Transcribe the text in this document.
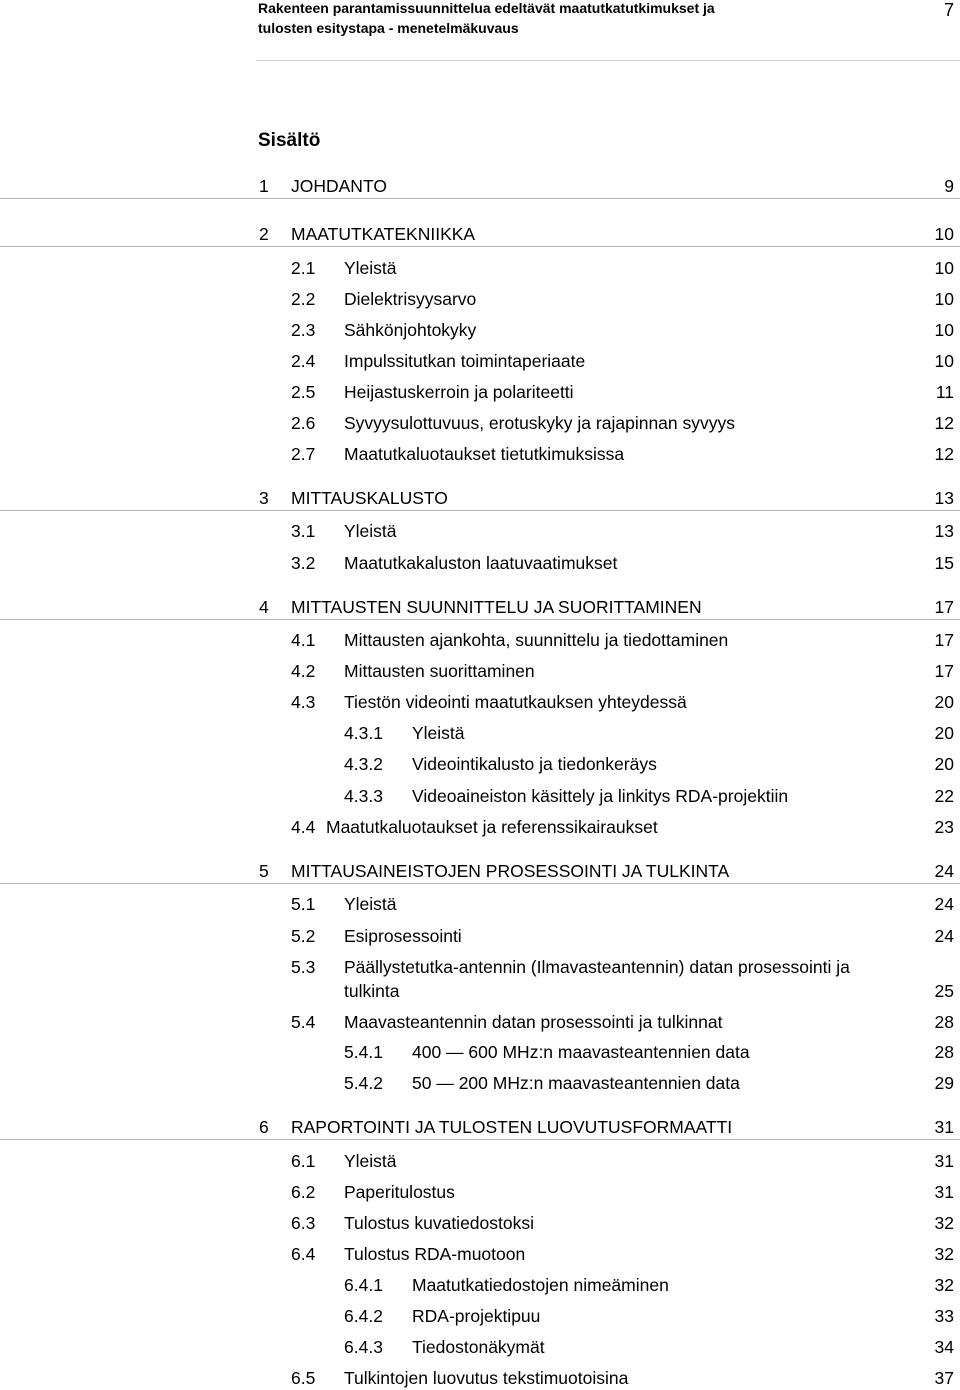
Rakenteen parantamissuunnittelua edeltävät maatutkatutkimukset ja
tulosten esitystapa - menetelmäkuvaus
7
Sisältö
1 JOHDANTO	9
2 MAATUTKATEKNIIKKA	10
2.1 Yleistä	10
2.2 Dielektrisyysarvo	10
2.3 Sähkönjohtokyky	10
2.4 Impulssitutkan toimintaperiaate	10
2.5 Heijastuskerroin ja polariteetti	11
2.6 Syvyysulottuvuus, erotuskyky ja rajapinnan syvyys	12
2.7 Maatutkaluotaukset tietutkimuksissa	12
3 MITTAUSKALUSTO	13
3.1 Yleistä	13
3.2 Maatutkakaluston laatuvaatimukset	15
4 MITTAUSTEN SUUNNITTELU JA SUORITTAMINEN	17
4.1 Mittausten ajankohta, suunnittelu ja tiedottaminen	17
4.2 Mittausten suorittaminen	17
4.3 Tiestön videointi maatutkauksen yhteydessä	20
4.3.1 Yleistä	20
4.3.2 Videointikalusto ja tiedonkeräys	20
4.3.3 Videoaineiston käsittely ja linkitys RDA-projektiin	22
4.4 Maatutkaluotaukset ja referenssikairaukset	23
5 MITTAUSAINEISTOJEN PROSESSOINTI JA TULKINTA	24
5.1 Yleistä	24
5.2 Esiprosessointi	24
5.3 Päällystetutka-antennin (Ilmavasteantennin) datan prosessointi ja tulkinta	25
5.4 Maavasteantennin datan prosessointi ja tulkinnat	28
5.4.1 400 — 600 MHz:n maavasteantennien data	28
5.4.2 50 — 200 MHz:n maavasteantennien data	29
6 RAPORTOINTI JA TULOSTEN LUOVUTUSFORMAATTI	31
6.1 Yleistä	31
6.2 Paperitulostus	31
6.3 Tulostus kuvatiedostoksi	32
6.4 Tulostus RDA-muotoon	32
6.4.1 Maatutkatiedostojen nimeäminen	32
6.4.2 RDA-projektipuu	33
6.4.3 Tiedostonäkymät	34
6.5 Tulkintojen luovutus tekstimuotoisina	37
